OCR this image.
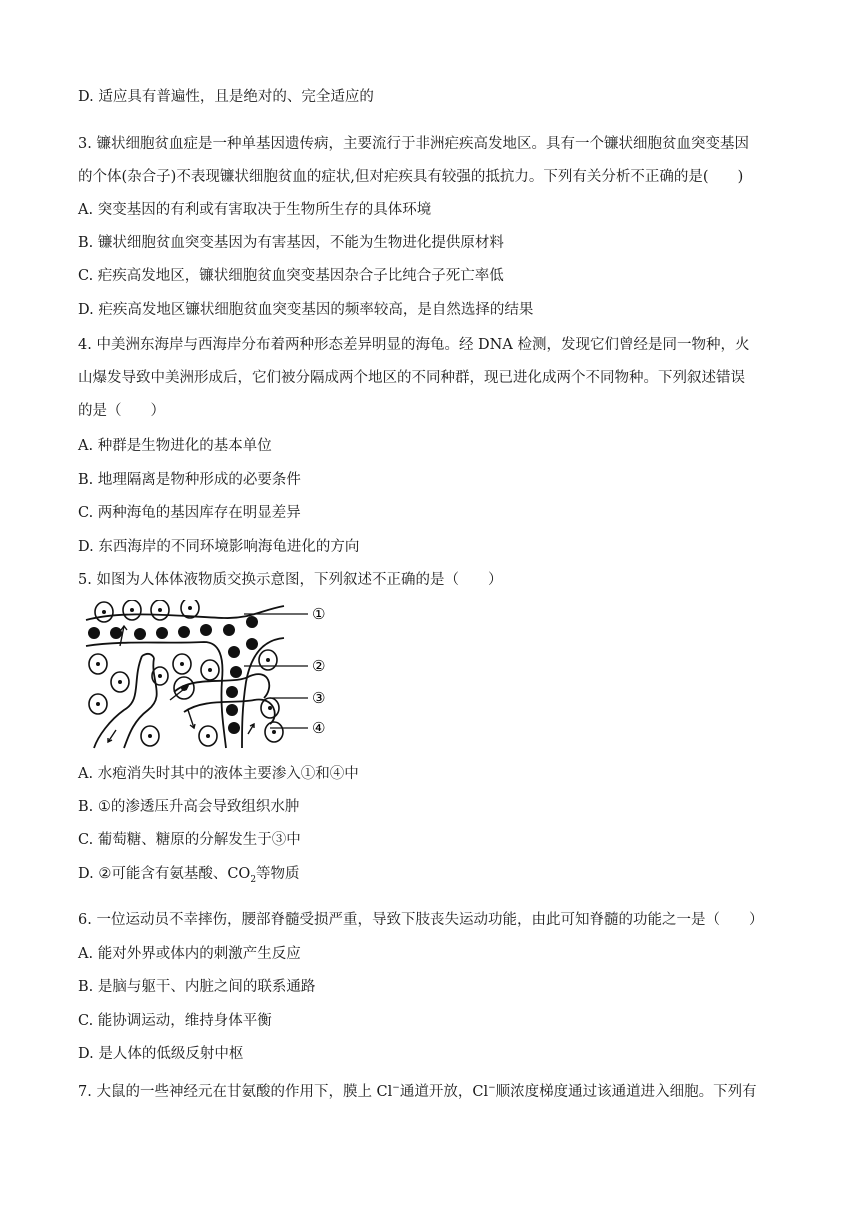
D. 适应具有普遍性，且是绝对的、完全适应的
3. 镰状细胞贫血症是一种单基因遗传病，主要流行于非洲疟疾高发地区。具有一个镰状细胞贫血突变基因
的个体(杂合子)不表现镰状细胞贫血的症状,但对疟疾具有较强的抵抗力。下列有关分析不正确的是(　　)
A. 突变基因的有利或有害取决于生物所生存的具体环境
B. 镰状细胞贫血突变基因为有害基因，不能为生物进化提供原材料
C. 疟疾高发地区，镰状细胞贫血突变基因杂合子比纯合子死亡率低
D. 疟疾高发地区镰状细胞贫血突变基因的频率较高，是自然选择的结果
4. 中美洲东海岸与西海岸分布着两种形态差异明显的海龟。经 DNA 检测，发现它们曾经是同一物种，火
山爆发导致中美洲形成后，它们被分隔成两个地区的不同种群，现已进化成两个不同物种。下列叙述错误
的是（　　）
A. 种群是生物进化的基本单位
B. 地理隔离是物种形成的必要条件
C. 两种海龟的基因库存在明显差异
D. 东西海岸的不同环境影响海龟进化的方向
5. 如图为人体体液物质交换示意图，下列叙述不正确的是（　　）
①
②
③
④
A. 水疱消失时其中的液体主要渗入①和④中
B. ①的渗透压升高会导致组织水肿
C. 葡萄糖、糖原的分解发生于③中
D. ②可能含有氨基酸、$CO_2$等物质
6. 一位运动员不幸摔伤，腰部脊髓受损严重，导致下肢丧失运动功能，由此可知脊髓的功能之一是（　　）
A. 能对外界或体内的刺激产生反应
B. 是脑与躯干、内脏之间的联系通路
C. 能协调运动，维持身体平衡
D. 是人体的低级反射中枢
7. 大鼠的一些神经元在甘氨酸的作用下，膜上 Cl−通道开放，Cl−顺浓度梯度通过该通道进入细胞。下列有
